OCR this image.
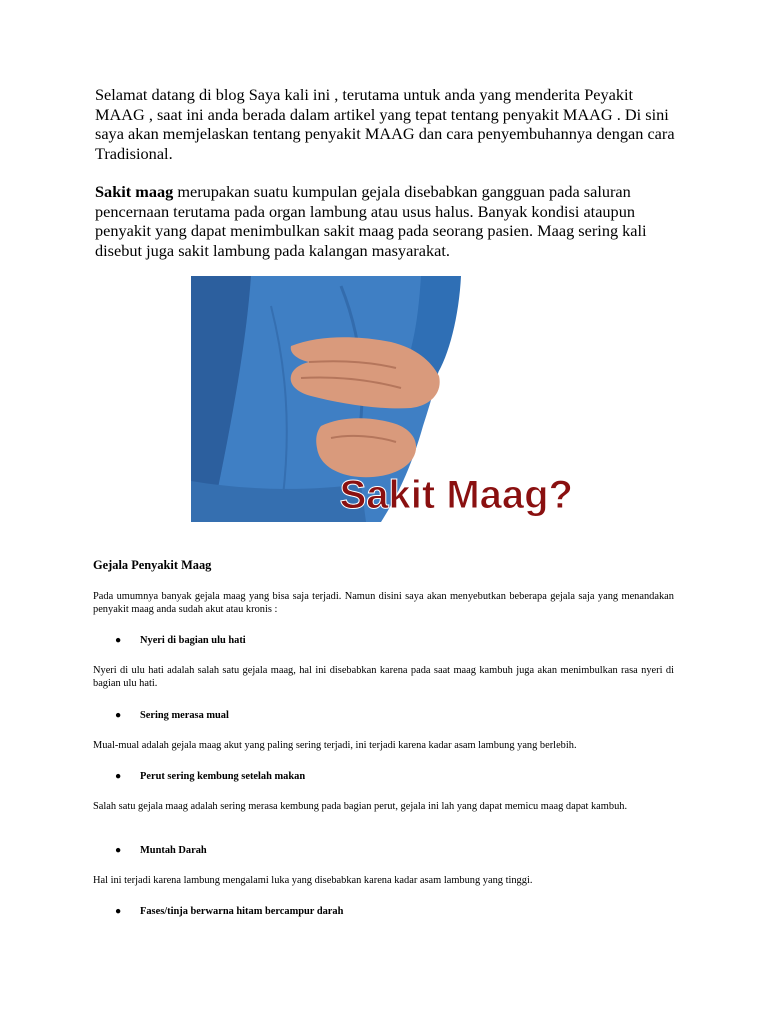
Selamat datang di blog Saya kali ini , terutama untuk anda yang menderita Peyakit MAAG , saat ini anda berada dalam artikel yang tepat tentang penyakit MAAG . Di sini saya akan memjelaskan tentang penyakit MAAG dan cara penyembuhannya dengan cara Tradisional.

Sakit maag merupakan suatu kumpulan gejala disebabkan gangguan pada saluran pencernaan terutama pada organ lambung atau usus halus. Banyak kondisi ataupun penyakit yang dapat menimbulkan sakit maag pada seorang pasien. Maag sering kali disebut juga sakit lambung pada kalangan masyarakat.

Sakit Maag?

Gejala Penyakit Maag

Pada umumnya banyak gejala maag yang bisa saja terjadi. Namun disini saya akan menyebutkan beberapa gejala saja yang menandakan penyakit maag anda sudah akut atau kronis :

● Nyeri di bagian ulu hati

Nyeri di ulu hati adalah salah satu gejala maag, hal ini disebabkan karena pada saat maag kambuh juga akan menimbulkan rasa nyeri di bagian ulu hati.

● Sering merasa mual

Mual-mual adalah gejala maag akut yang paling sering terjadi, ini terjadi karena kadar asam lambung yang berlebih.

● Perut sering kembung setelah makan

Salah satu gejala maag adalah sering merasa kembung pada bagian perut, gejala ini lah yang dapat memicu maag dapat kambuh.

● Muntah Darah

Hal ini terjadi karena lambung mengalami luka yang disebabkan karena kadar asam lambung yang tinggi.

● Fases/tinja berwarna hitam bercampur darah
